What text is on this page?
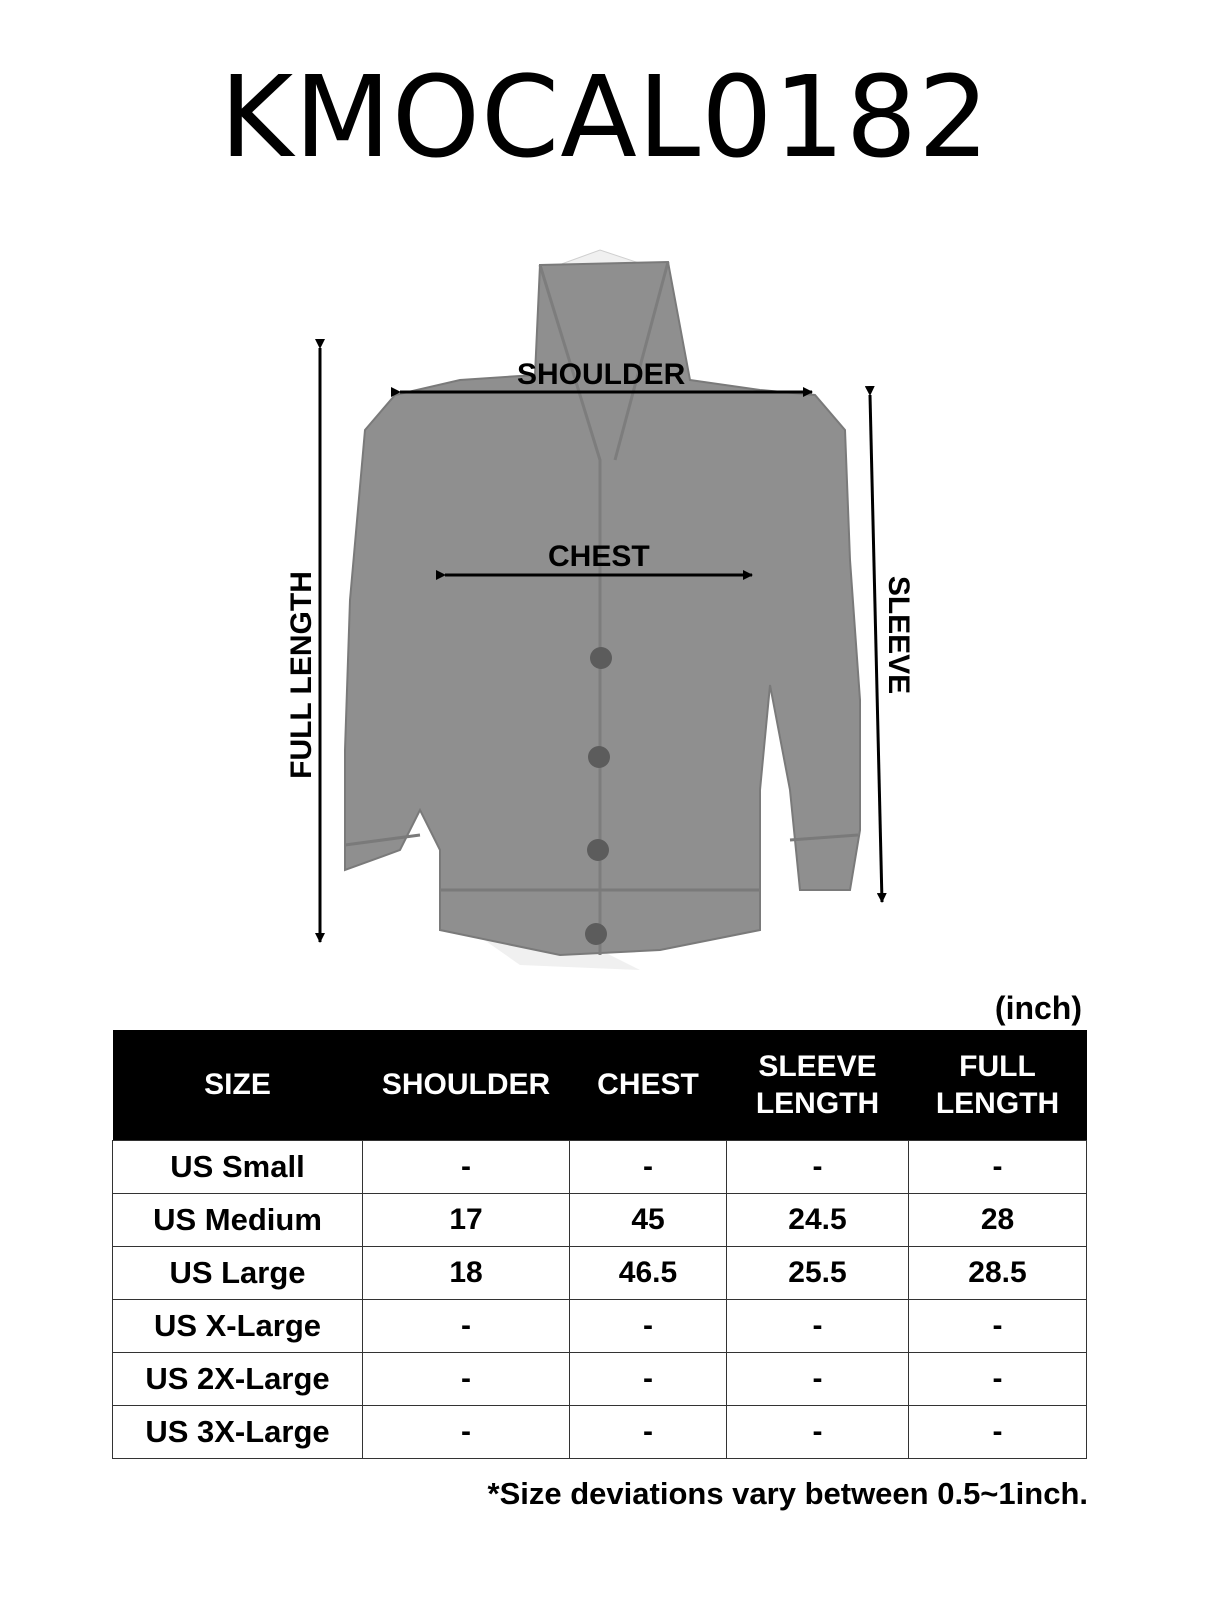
KMOCAL0182
SHOULDER
CHEST
FULL LENGTH	SLEEVE
(inch)
SIZE	SHOULDER	CHEST	SLEEVE LENGTH	FULL LENGTH
US Small	-	-	-	-
US Medium	17	45	24.5	28
US Large	18	46.5	25.5	28.5
US X-Large	-	-	-	-
US 2X-Large	-	-	-	-
US 3X-Large	-	-	-	-
*Size deviations vary between 0.5~1inch.
